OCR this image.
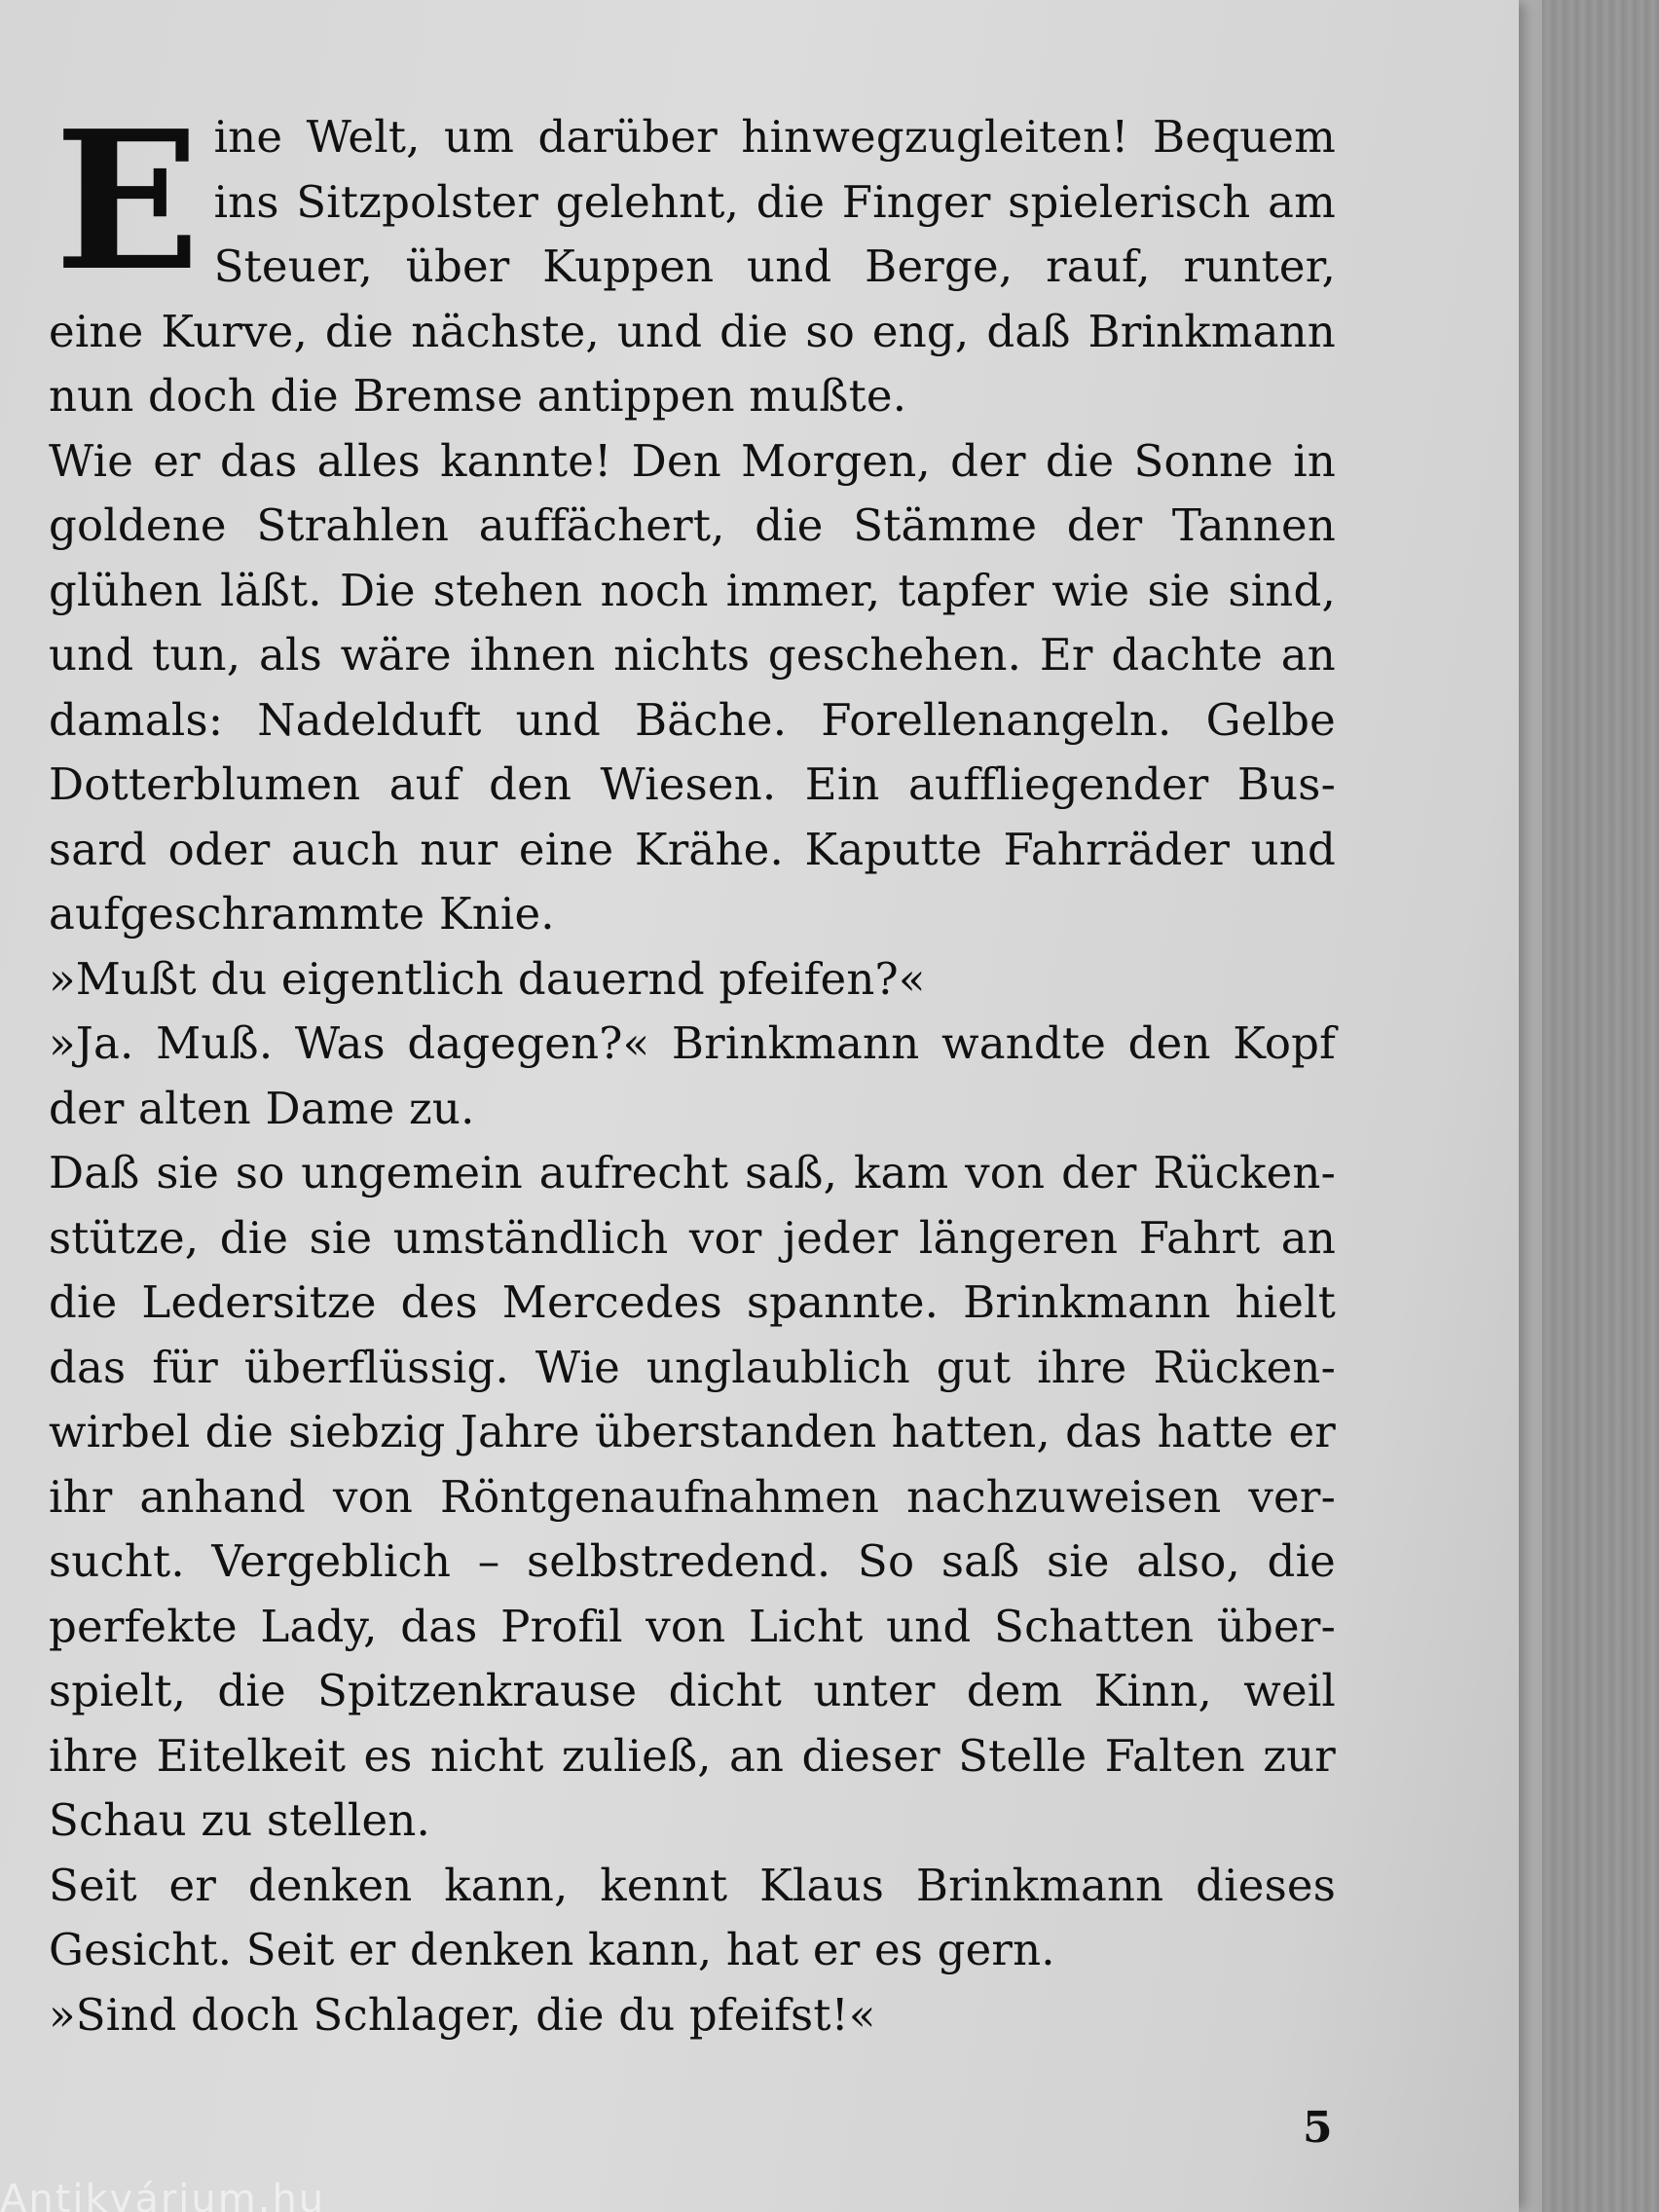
E ine Welt, um darüber hinwegzugleiten! Bequem
ins Sitzpolster gelehnt, die Finger spielerisch am
Steuer, über Kuppen und Berge, rauf, runter,
eine Kurve, die nächste, und die so eng, daß Brinkmann
nun doch die Bremse antippen mußte.
Wie er das alles kannte! Den Morgen, der die Sonne in
goldene Strahlen auffächert, die Stämme der Tannen
glühen läßt. Die stehen noch immer, tapfer wie sie sind,
und tun, als wäre ihnen nichts geschehen. Er dachte an
damals: Nadelduft und Bäche. Forellenangeln. Gelbe
Dotterblumen auf den Wiesen. Ein auffliegender Bus-
sard oder auch nur eine Krähe. Kaputte Fahrräder und
aufgeschrammte Knie.
»Mußt du eigentlich dauernd pfeifen?«
»Ja. Muß. Was dagegen?« Brinkmann wandte den Kopf
der alten Dame zu.
Daß sie so ungemein aufrecht saß, kam von der Rücken-
stütze, die sie umständlich vor jeder längeren Fahrt an
die Ledersitze des Mercedes spannte. Brinkmann hielt
das für überflüssig. Wie unglaublich gut ihre Rücken-
wirbel die siebzig Jahre überstanden hatten, das hatte er
ihr anhand von Röntgenaufnahmen nachzuweisen ver-
sucht. Vergeblich – selbstredend. So saß sie also, die
perfekte Lady, das Profil von Licht und Schatten über-
spielt, die Spitzenkrause dicht unter dem Kinn, weil
ihre Eitelkeit es nicht zuließ, an dieser Stelle Falten zur
Schau zu stellen.
Seit er denken kann, kennt Klaus Brinkmann dieses
Gesicht. Seit er denken kann, hat er es gern.
»Sind doch Schlager, die du pfeifst!«
5
Antikvárium.hu
